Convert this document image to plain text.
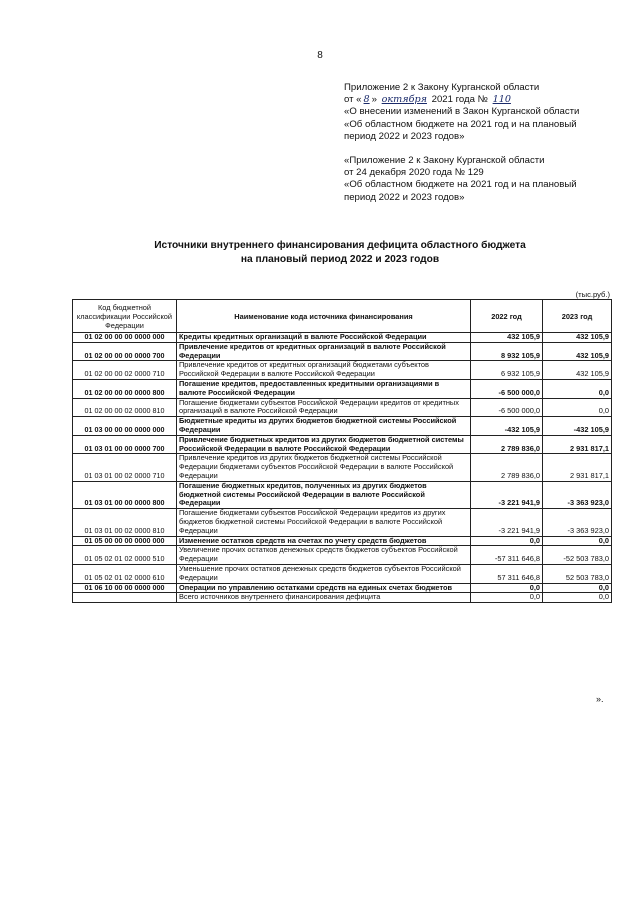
8
Приложение 2 к Закону Курганской области
от « 8 » октября 2021 года № 110
«О внесении изменений в Закон Курганской области
«Об областном бюджете на 2021 год и на плановый
период 2022 и 2023 годов»
«Приложение 2 к Закону Курганской области
от 24 декабря 2020 года № 129
«Об областном бюджете на 2021 год и на плановый
период 2022 и 2023 годов»
Источники внутреннего финансирования дефицита областного бюджета
на плановый период 2022 и 2023 годов
(тыс.руб.)
Код бюджетной классификации Российской Федерации	Наименование кода источника финансирования	2022 год	2023 год
01 02 00 00 00 0000 000	Кредиты кредитных организаций в валюте Российской Федерации	432 105,9	432 105,9
01 02 00 00 00 0000 700	Привлечение кредитов от кредитных организаций в валюте Российской Федерации	8 932 105,9	432 105,9
01 02 00 00 02 0000 710	Привлечение кредитов от кредитных организаций бюджетами субъектов Российской Федерации в валюте Российской Федерации	6 932 105,9	432 105,9
01 02 00 00 00 0000 800	Погашение кредитов, предоставленных кредитными организациями в валюте Российской Федерации	-6 500 000,0	0,0
01 02 00 00 02 0000 810	Погашение бюджетами субъектов Российской Федерации кредитов от кредитных организаций в валюте Российской Федерации	-6 500 000,0	0,0
01 03 00 00 00 0000 000	Бюджетные кредиты из других бюджетов бюджетной системы Российской Федерации	-432 105,9	-432 105,9
01 03 01 00 00 0000 700	Привлечение бюджетных кредитов из других бюджетов бюджетной системы Российской Федерации в валюте Российской Федерации	2 789 836,0	2 931 817,1
01 03 01 00 02 0000 710	Привлечение кредитов из других бюджетов бюджетной системы Российской Федерации бюджетами субъектов Российской Федерации в валюте Российской Федерации	2 789 836,0	2 931 817,1
01 03 01 00 00 0000 800	Погашение бюджетных кредитов, полученных из других бюджетов бюджетной системы Российской Федерации в валюте Российской Федерации	-3 221 941,9	-3 363 923,0
01 03 01 00 02 0000 810	Погашение бюджетами субъектов Российской Федерации кредитов из других бюджетов бюджетной системы Российской Федерации в валюте Российской Федерации	-3 221 941,9	-3 363 923,0
01 05 00 00 00 0000 000	Изменение остатков средств на счетах по учету средств бюджетов	0,0	0,0
01 05 02 01 02 0000 510	Увеличение прочих остатков денежных средств бюджетов субъектов Российской Федерации	-57 311 646,8	-52 503 783,0
01 05 02 01 02 0000 610	Уменьшение прочих остатков денежных средств бюджетов субъектов Российской Федерации	57 311 646,8	52 503 783,0
01 06 10 00 00 0000 000	Операции по управлению остатками средств на единых счетах бюджетов	0,0	0,0
	Всего источников внутреннего финансирования дефицита	0,0	0,0
».
